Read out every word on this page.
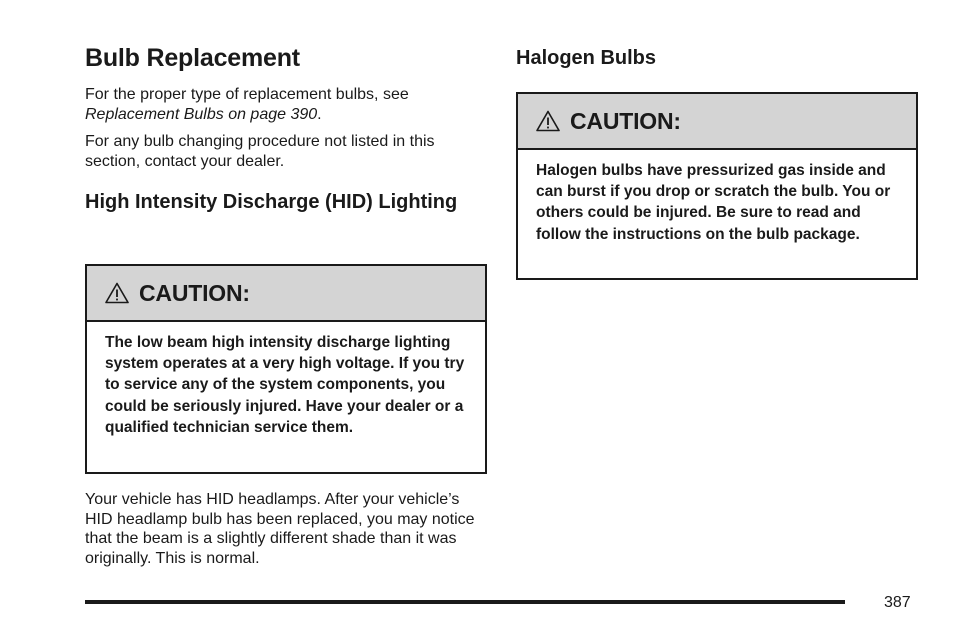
Bulb Replacement

For the proper type of replacement bulbs, see Replacement Bulbs on page 390.

For any bulb changing procedure not listed in this section, contact your dealer.

High Intensity Discharge (HID) Lighting
CAUTION:
The low beam high intensity discharge lighting system operates at a very high voltage. If you try to service any of the system components, you could be seriously injured. Have your dealer or a qualified technician service them.

Your vehicle has HID headlamps. After your vehicle’s HID headlamp bulb has been replaced, you may notice that the beam is a slightly different shade than it was originally. This is normal.

Halogen Bulbs
CAUTION:
Halogen bulbs have pressurized gas inside and can burst if you drop or scratch the bulb. You or others could be injured. Be sure to read and follow the instructions on the bulb package.
387
